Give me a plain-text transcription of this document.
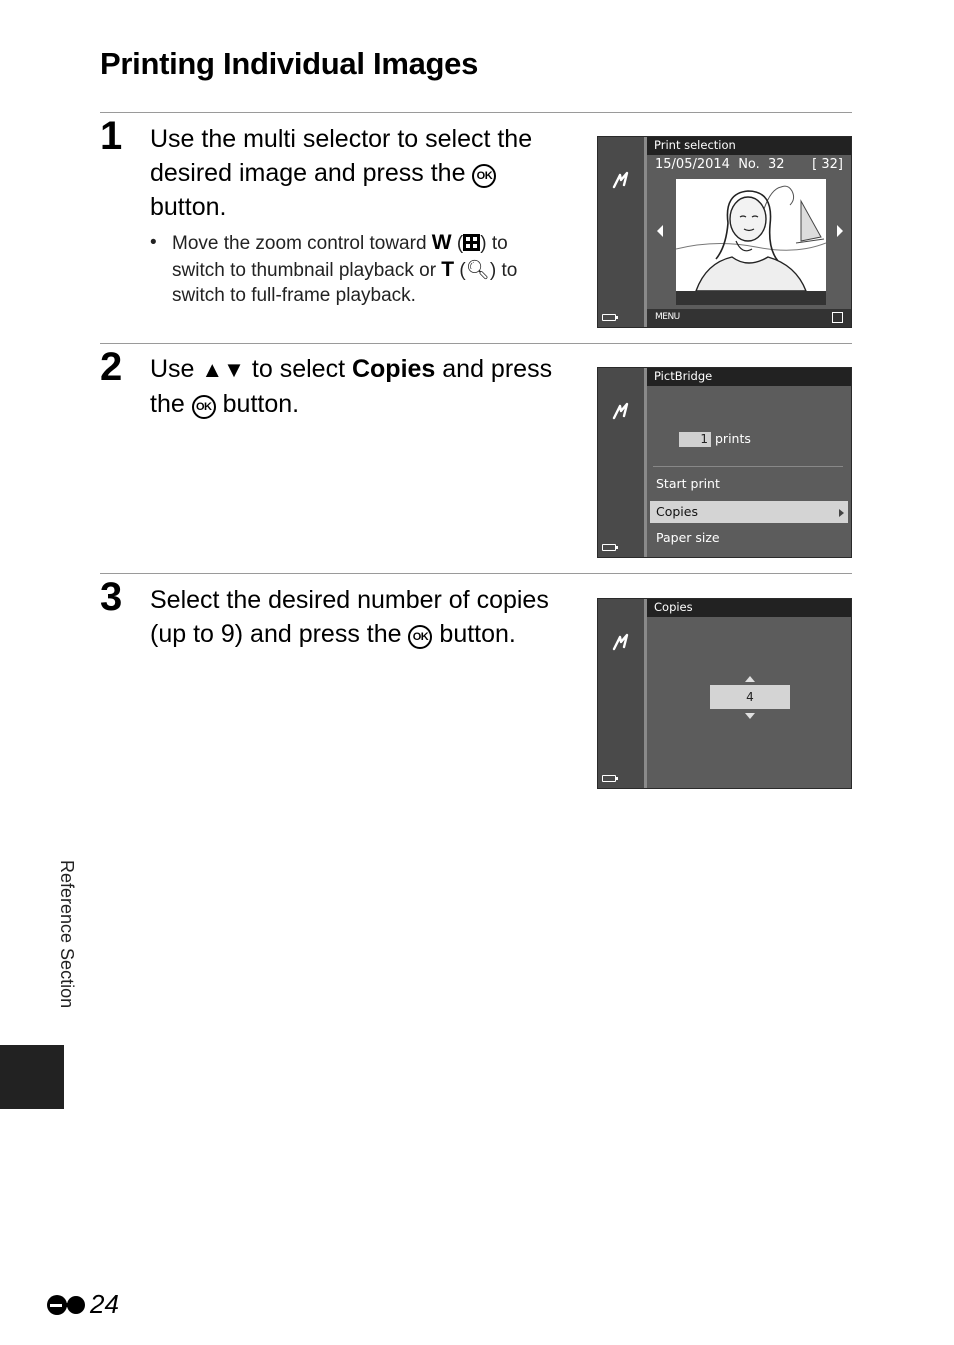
Printing Individual Images
1 Use the multi selector to select the desired image and press the OK button.

• Move the zoom control toward W ( ) to switch to thumbnail playback or T (🔍︎) to switch to full-frame playback.
Print selection
15/05/2014  No.  32 [ 32]
MENU
2 Use ▲▼ to select Copies and press the OK button.

PictBridge
1 prints
Start print
Copies
Paper size
3 Select the desired number of copies (up to 9) and press the OK button.

Copies
4
Reference Section
24
